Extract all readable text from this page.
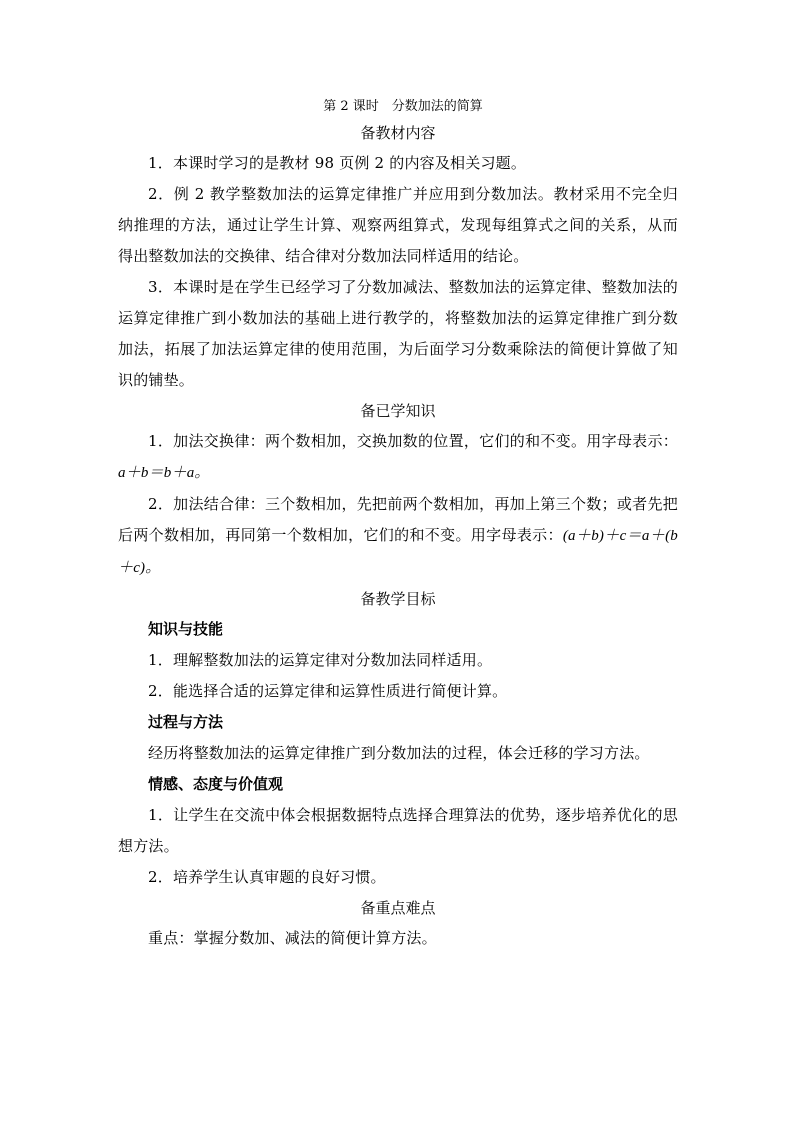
第 2 课时　分数加法的简算
备教材内容

1．本课时学习的是教材 98 页例 2 的内容及相关习题。

2．例 2 教学整数加法的运算定律推广并应用到分数加法。教材采用不完全归纳推理的方法，通过让学生计算、观察两组算式，发现每组算式之间的关系，从而得出整数加法的交换律、结合律对分数加法同样适用的结论。

3．本课时是在学生已经学习了分数加减法、整数加法的运算定律、整数加法的运算定律推广到小数加法的基础上进行教学的，将整数加法的运算定律推广到分数加法，拓展了加法运算定律的使用范围，为后面学习分数乘除法的简便计算做了知识的铺垫。

备已学知识

1．加法交换律：两个数相加，交换加数的位置，它们的和不变。用字母表示：a＋b＝b＋a。

2．加法结合律：三个数相加，先把前两个数相加，再加上第三个数；或者先把后两个数相加，再同第一个数相加，它们的和不变。用字母表示：(a＋b)＋c＝a＋(b＋c)。

备教学目标

知识与技能

1．理解整数加法的运算定律对分数加法同样适用。

2．能选择合适的运算定律和运算性质进行简便计算。

过程与方法

经历将整数加法的运算定律推广到分数加法的过程，体会迁移的学习方法。

情感、态度与价值观

1．让学生在交流中体会根据数据特点选择合理算法的优势，逐步培养优化的思想方法。

2．培养学生认真审题的良好习惯。

备重点难点

重点：掌握分数加、减法的简便计算方法。
